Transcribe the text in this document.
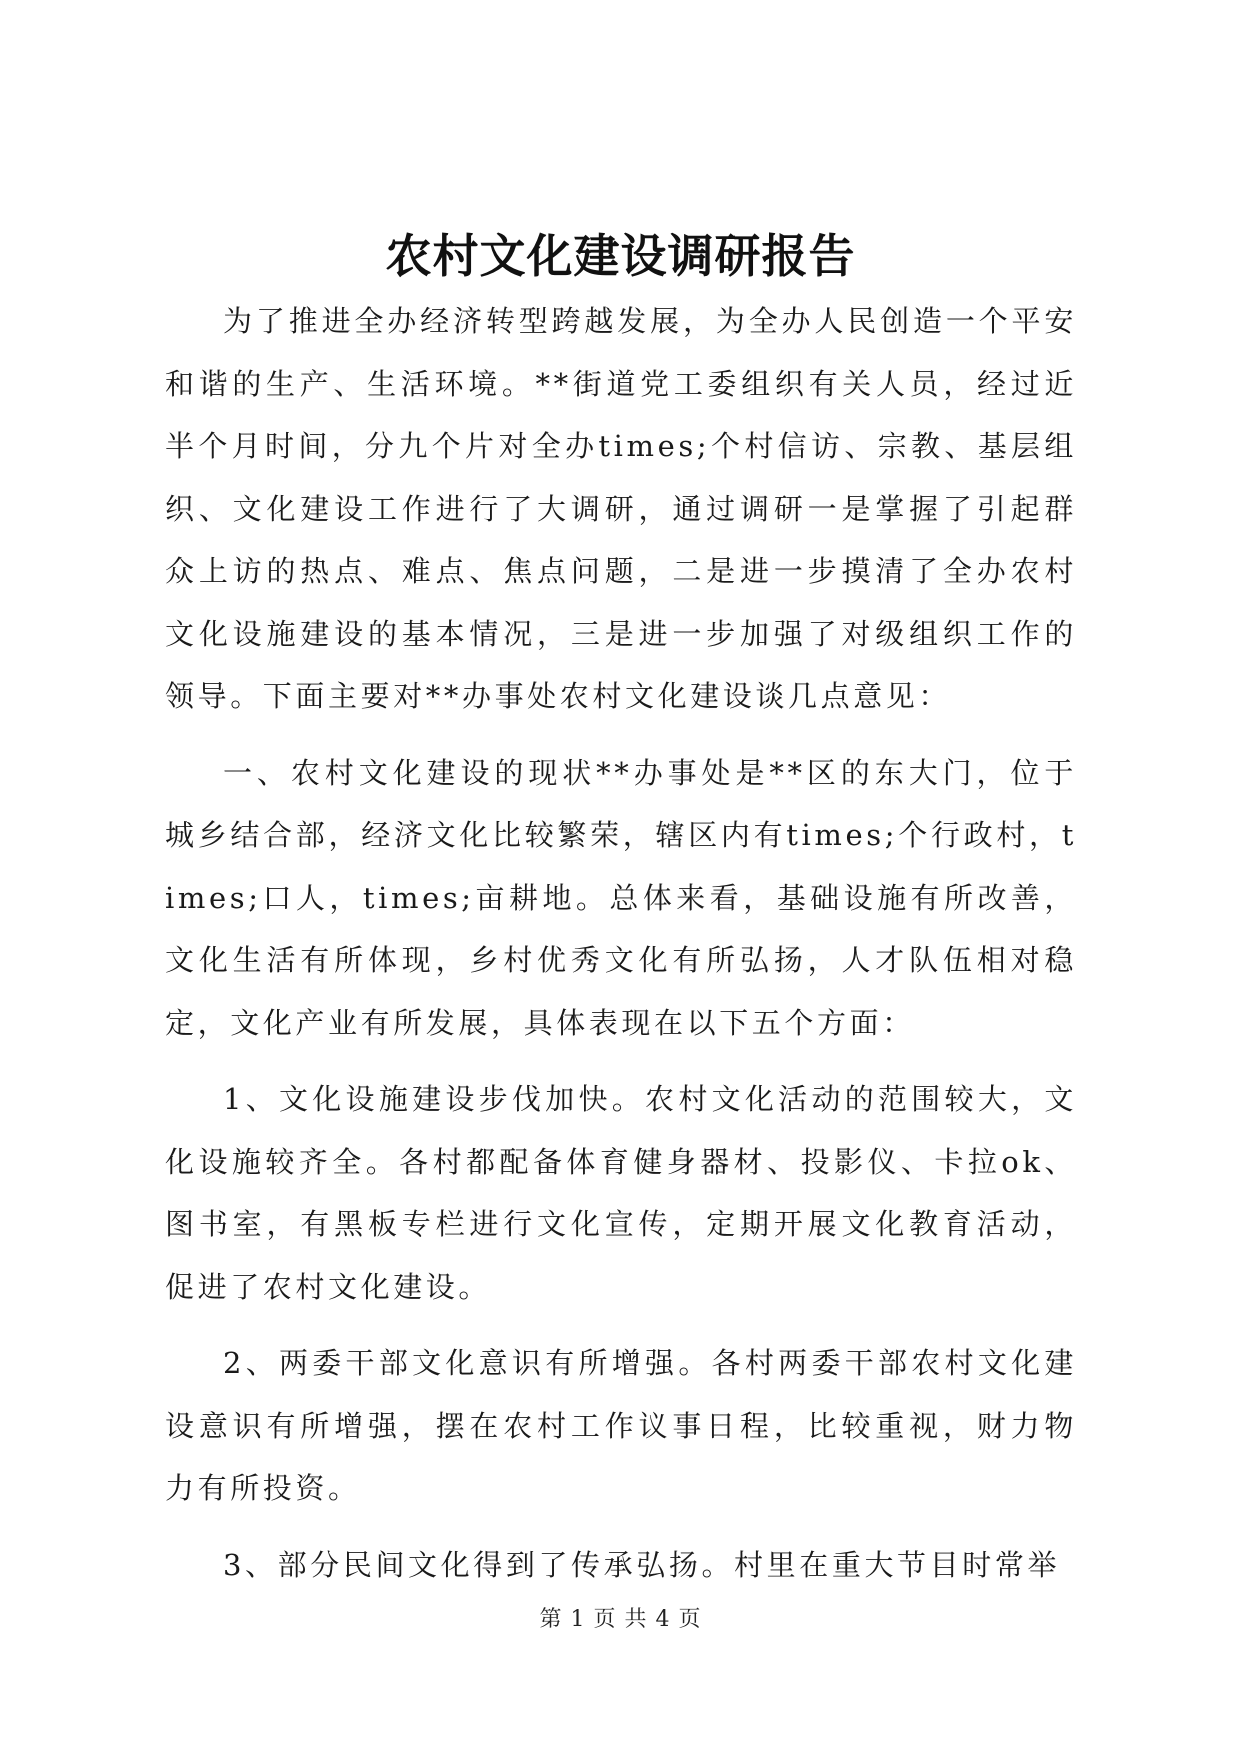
农村文化建设调研报告

为了推进全办经济转型跨越发展，为全办人民创造一个平安和谐的生产、生活环境。**街道党工委组织有关人员，经过近半个月时间，分九个片对全办times;个村信访、宗教、基层组织、文化建设工作进行了大调研，通过调研一是掌握了引起群众上访的热点、难点、焦点问题，二是进一步摸清了全办农村文化设施建设的基本情况，三是进一步加强了对级组织工作的领导。下面主要对**办事处农村文化建设谈几点意见：

一、农村文化建设的现状**办事处是**区的东大门，位于城乡结合部，经济文化比较繁荣，辖区内有times;个行政村，times;口人，times;亩耕地。总体来看，基础设施有所改善，文化生活有所体现，乡村优秀文化有所弘扬，人才队伍相对稳定，文化产业有所发展，具体表现在以下五个方面：

1、文化设施建设步伐加快。农村文化活动的范围较大，文化设施较齐全。各村都配备体育健身器材、投影仪、卡拉ok、图书室，有黑板专栏进行文化宣传，定期开展文化教育活动，促进了农村文化建设。

2、两委干部文化意识有所增强。各村两委干部农村文化建设意识有所增强，摆在农村工作议事日程，比较重视，财力物力有所投资。

3、部分民间文化得到了传承弘扬。村里在重大节目时常举

第 1 页 共 4 页
